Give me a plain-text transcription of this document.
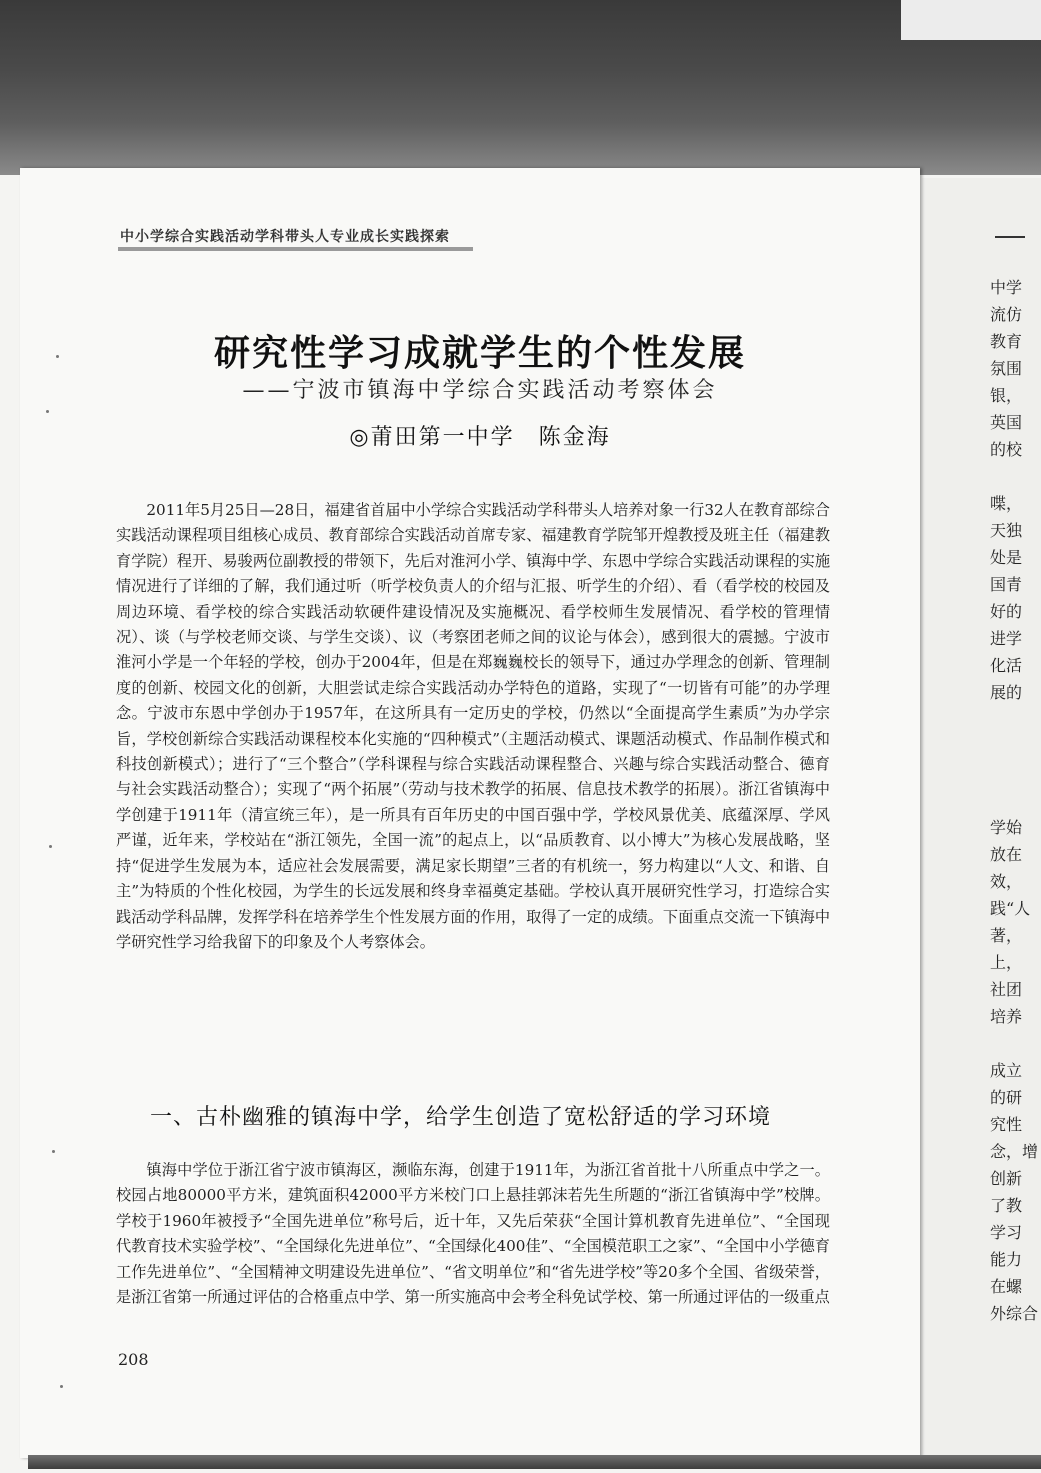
中学
流仿
教育
氛围
银，
英国
的校
喋，
天独
处是
国青
好的
进学
化活
展的
学始
放在
效，
践“人
著，
上，
社团
培养
成立
的研
究性
念，增
创新
了教
学习
能力
在螺
外综合
中小学综合实践活动学科带头人专业成长实践探索
研究性学习成就学生的个性发展
——宁波市镇海中学综合实践活动考察体会
◎莆田第一中学　陈金海

2011年5月25日—28日，福建省首届中小学综合实践活动学科带头人培养对象一行32人在教育部综合实践活动课程项目组核心成员、教育部综合实践活动首席专家、福建教育学院邹开煌教授及班主任（福建教育学院）程开、易骏两位副教授的带领下，先后对淮河小学、镇海中学、东恩中学综合实践活动课程的实施情况进行了详细的了解，我们通过听（听学校负责人的介绍与汇报、听学生的介绍）、看（看学校的校园及周边环境、看学校的综合实践活动软硬件建设情况及实施概况、看学校师生发展情况、看学校的管理情况）、谈（与学校老师交谈、与学生交谈）、议（考察团老师之间的议论与体会），感到很大的震撼。宁波市淮河小学是一个年轻的学校，创办于2004年，但是在郑巍巍校长的领导下，通过办学理念的创新、管理制度的创新、校园文化的创新，大胆尝试走综合实践活动办学特色的道路，实现了“一切皆有可能”的办学理念。宁波市东恩中学创办于1957年，在这所具有一定历史的学校，仍然以“全面提高学生素质”为办学宗旨，学校创新综合实践活动课程校本化实施的“四种模式”（主题活动模式、课题活动模式、作品制作模式和科技创新模式）；进行了“三个整合”（学科课程与综合实践活动课程整合、兴趣与综合实践活动整合、德育与社会实践活动整合）；实现了“两个拓展”（劳动与技术教学的拓展、信息技术教学的拓展）。浙江省镇海中学创建于1911年（清宣统三年），是一所具有百年历史的中国百强中学，学校风景优美、底蕴深厚、学风严谨，近年来，学校站在“浙江领先，全国一流”的起点上，以“品质教育、以小博大”为核心发展战略，坚持“促进学生发展为本，适应社会发展需要，满足家长期望”三者的有机统一，努力构建以“人文、和谐、自主”为特质的个性化校园，为学生的长远发展和终身幸福奠定基础。学校认真开展研究性学习，打造综合实践活动学科品牌，发挥学科在培养学生个性发展方面的作用，取得了一定的成绩。下面重点交流一下镇海中学研究性学习给我留下的印象及个人考察体会。

一、古朴幽雅的镇海中学，给学生创造了宽松舒适的学习环境

镇海中学位于浙江省宁波市镇海区，濒临东海，创建于1911年，为浙江省首批十八所重点中学之一。校园占地80000平方米，建筑面积42000平方米校门口上悬挂郭沫若先生所题的“浙江省镇海中学”校牌。学校于1960年被授予“全国先进单位”称号后，近十年，又先后荣获“全国计算机教育先进单位”、“全国现代教育技术实验学校”、“全国绿化先进单位”、“全国绿化400佳”、“全国模范职工之家”、“全国中小学德育工作先进单位”、“全国精神文明建设先进单位”、“省文明单位”和“省先进学校”等20多个全国、省级荣誉，是浙江省第一所通过评估的合格重点中学、第一所实施高中会考全科免试学校、第一所通过评估的一级重点

208
